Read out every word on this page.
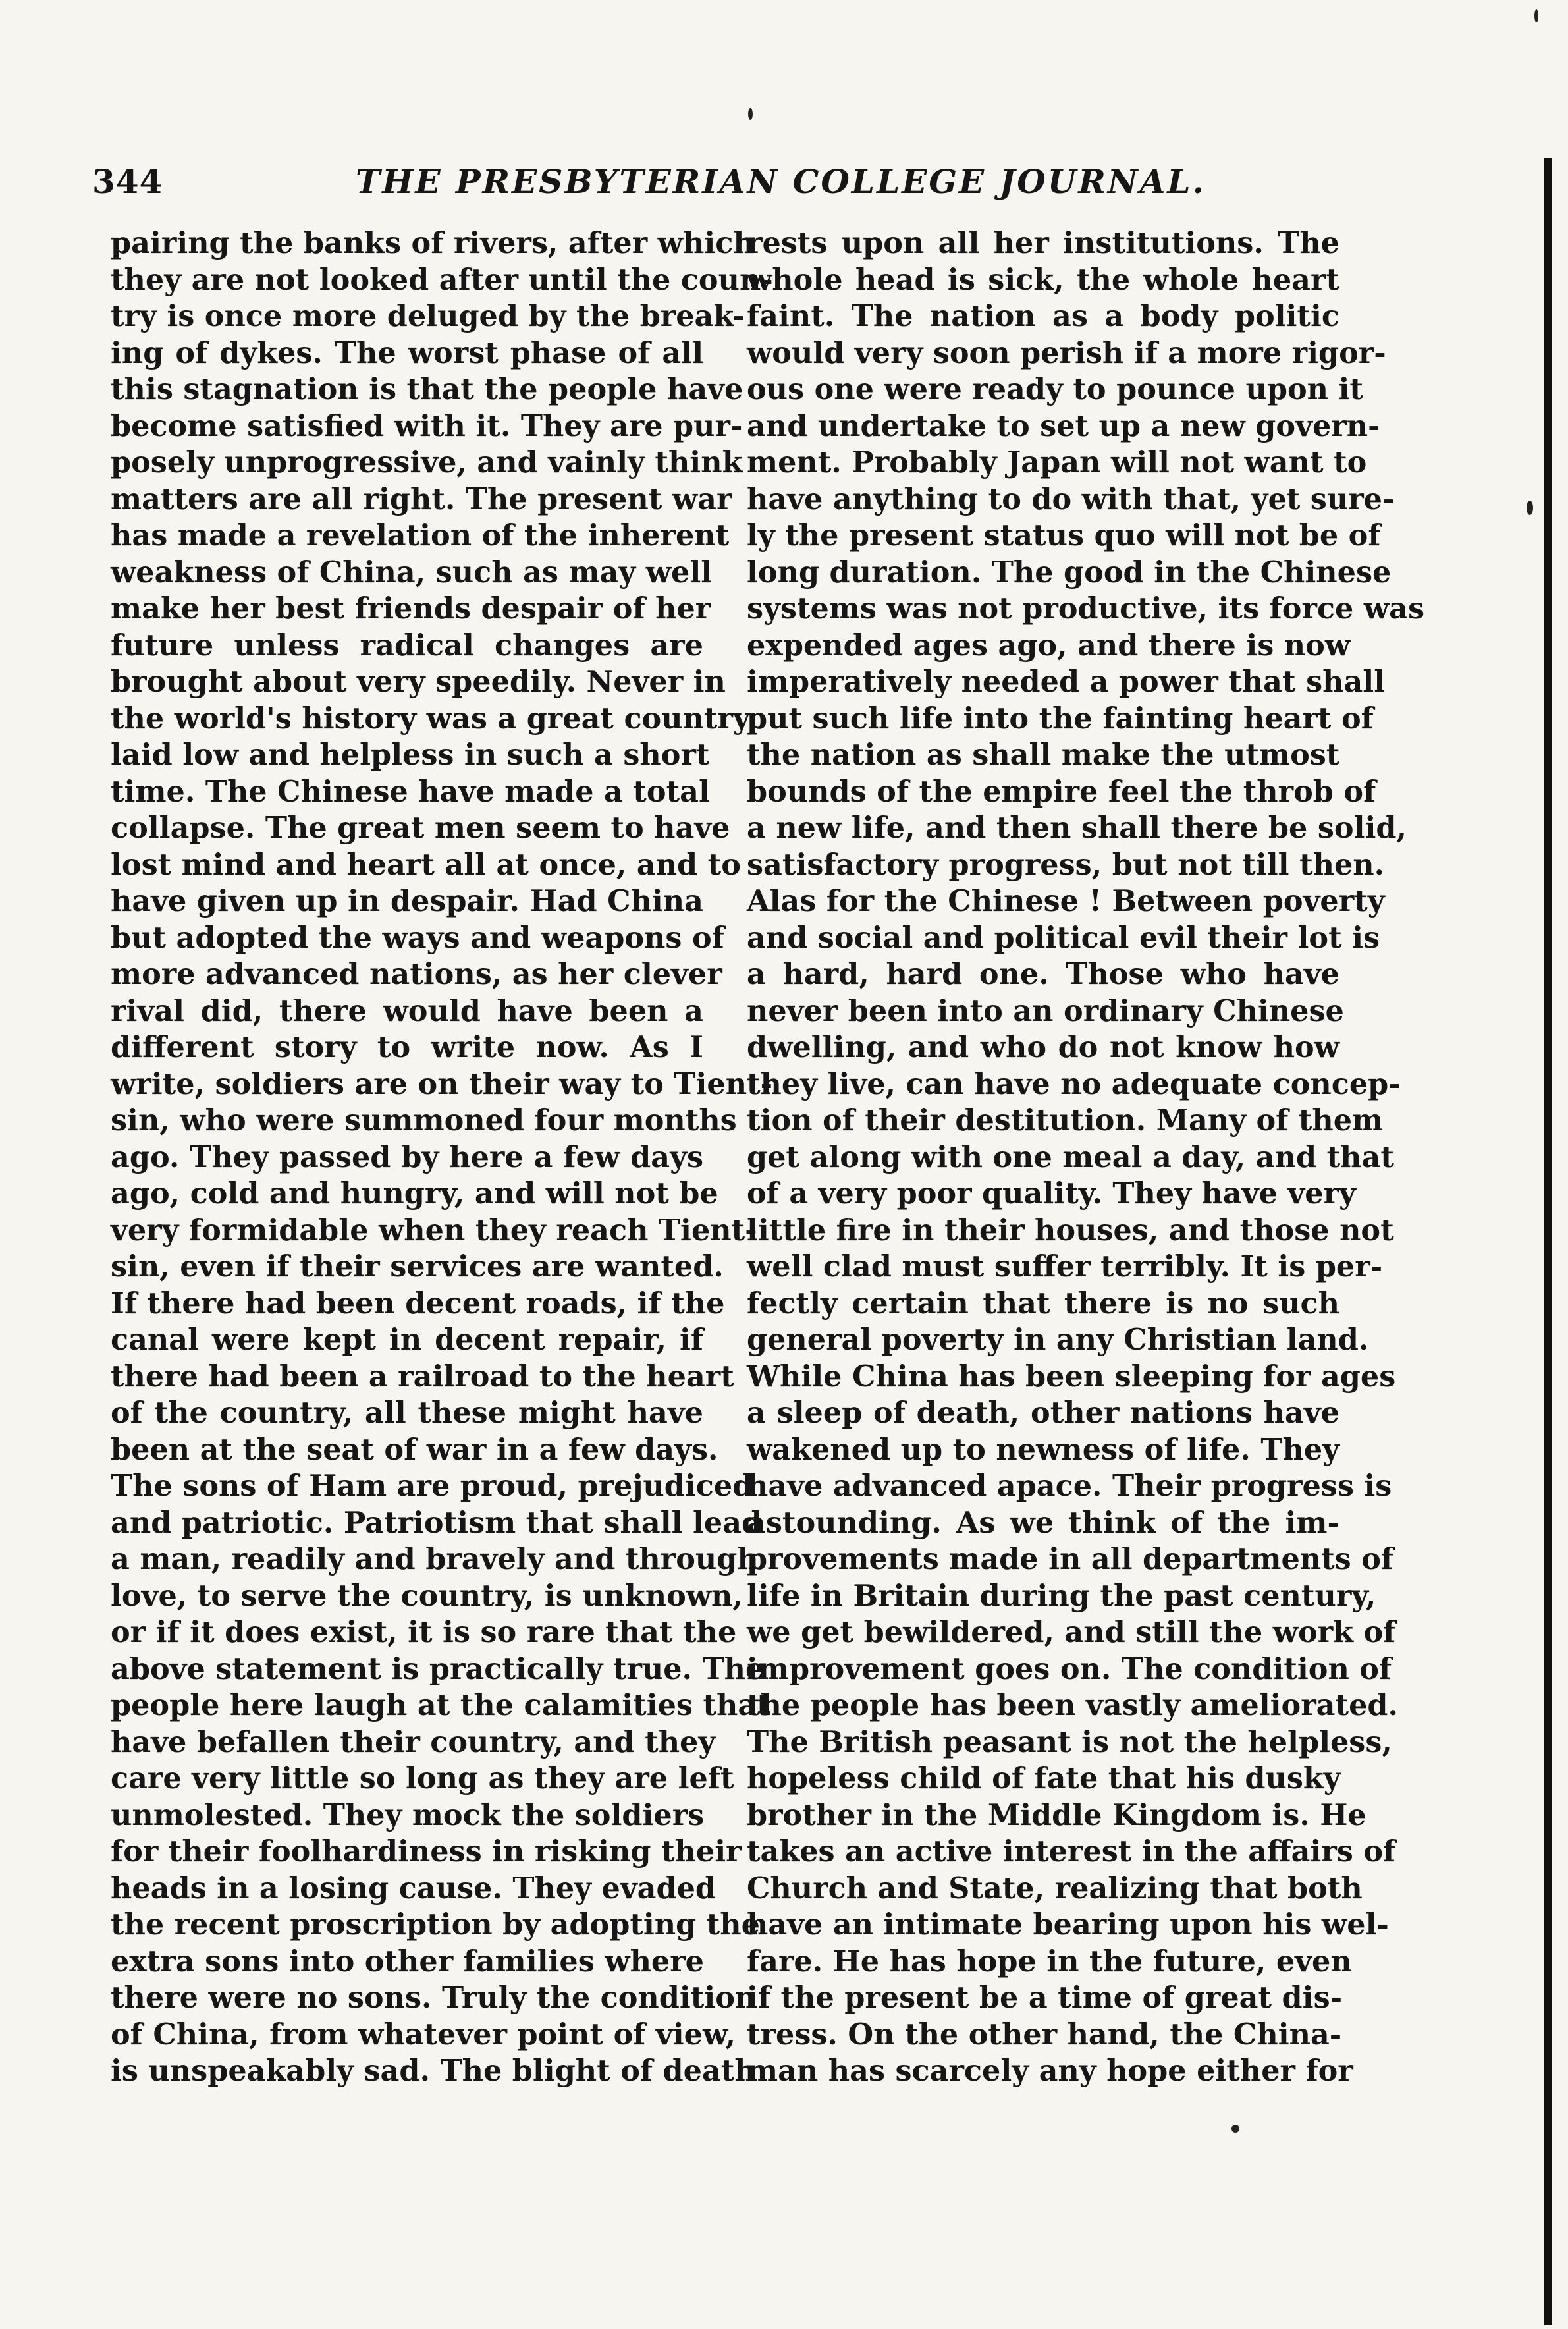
344	THE PRESBYTERIAN COLLEGE JOURNAL.
pairing the banks of rivers, after which
they are not looked after until the coun-
try is once more deluged by the break-
ing of dykes. The worst phase of all
this stagnation is that the people have
become satisfied with it. They are pur-
posely unprogressive, and vainly think
matters are all right. The present war
has made a revelation of the inherent
weakness of China, such as may well
make her best friends despair of her
future unless radical changes are
brought about very speedily. Never in
the world's history was a great country
laid low and helpless in such a short
time. The Chinese have made a total
collapse. The great men seem to have
lost mind and heart all at once, and to
have given up in despair. Had China
but adopted the ways and weapons of
more advanced nations, as her clever
rival did, there would have been a
different story to write now. As I
write, soldiers are on their way to Tient-
sin, who were summoned four months
ago. They passed by here a few days
ago, cold and hungry, and will not be
very formidable when they reach Tient-
sin, even if their services are wanted.
If there had been decent roads, if the
canal were kept in decent repair, if
there had been a railroad to the heart
of the country, all these might have
been at the seat of war in a few days.
The sons of Ham are proud, prejudiced
and patriotic. Patriotism that shall lead
a man, readily and bravely and through
love, to serve the country, is unknown,
or if it does exist, it is so rare that the
above statement is practically true. The
people here laugh at the calamities that
have befallen their country, and they
care very little so long as they are left
unmolested. They mock the soldiers
for their foolhardiness in risking their
heads in a losing cause. They evaded
the recent proscription by adopting the
extra sons into other families where
there were no sons. Truly the condition
of China, from whatever point of view,
is unspeakably sad. The blight of death
rests upon all her institutions. The
whole head is sick, the whole heart
faint. The nation as a body politic
would very soon perish if a more rigor-
ous one were ready to pounce upon it
and undertake to set up a new govern-
ment. Probably Japan will not want to
have anything to do with that, yet sure-
ly the present status quo will not be of
long duration. The good in the Chinese
systems was not productive, its force was
expended ages ago, and there is now
imperatively needed a power that shall
put such life into the fainting heart of
the nation as shall make the utmost
bounds of the empire feel the throb of
a new life, and then shall there be solid,
satisfactory progress, but not till then.
Alas for the Chinese ! Between poverty
and social and political evil their lot is
a hard, hard one. Those who have
never been into an ordinary Chinese
dwelling, and who do not know how
they live, can have no adequate concep-
tion of their destitution. Many of them
get along with one meal a day, and that
of a very poor quality. They have very
little fire in their houses, and those not
well clad must suffer terribly. It is per-
fectly certain that there is no such
general poverty in any Christian land.
While China has been sleeping for ages
a sleep of death, other nations have
wakened up to newness of life. They
have advanced apace. Their progress is
astounding. As we think of the im-
provements made in all departments of
life in Britain during the past century,
we get bewildered, and still the work of
improvement goes on. The condition of
the people has been vastly ameliorated.
The British peasant is not the helpless,
hopeless child of fate that his dusky
brother in the Middle Kingdom is. He
takes an active interest in the affairs of
Church and State, realizing that both
have an intimate bearing upon his wel-
fare. He has hope in the future, even
if the present be a time of great dis-
tress. On the other hand, the China-
man has scarcely any hope either for
